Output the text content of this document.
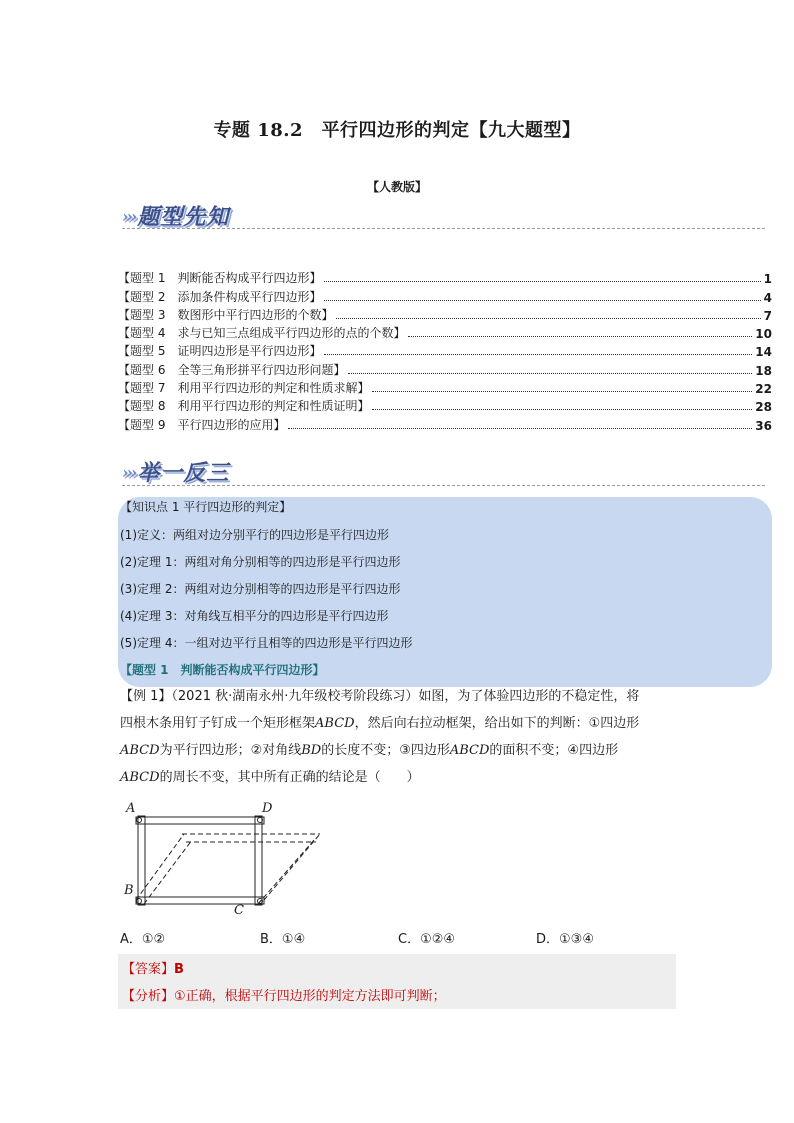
专题 18.2　平行四边形的判定【九大题型】
【人教版】
›››题型先知
【题型 1　判断能否构成平行四边形】	1
【题型 2　添加条件构成平行四边形】	4
【题型 3　数图形中平行四边形的个数】	7
【题型 4　求与已知三点组成平行四边形的点的个数】	10
【题型 5　证明四边形是平行四边形】	14
【题型 6　全等三角形拼平行四边形问题】	18
【题型 7　利用平行四边形的判定和性质求解】	22
【题型 8　利用平行四边形的判定和性质证明】	28
【题型 9　平行四边形的应用】	36
›››举一反三
【知识点 1 平行四边形的判定】
(1)定义：两组对边分别平行的四边形是平行四边形
(2)定理 1：两组对角分别相等的四边形是平行四边形
(3)定理 2：两组对边分别相等的四边形是平行四边形
(4)定理 3：对角线互相平分的四边形是平行四边形
(5)定理 4：一组对边平行且相等的四边形是平行四边形
【题型 1　判断能否构成平行四边形】
【例 1】（2021 秋·湖南永州·九年级校考阶段练习）如图，为了体验四边形的不稳定性，将
四根木条用钉子钉成一个矩形框架ABCD，然后向右拉动框架，给出如下的判断：①四边形
ABCD为平行四边形；②对角线BD的长度不变；③四边形ABCD的面积不变；④四边形
ABCD的周长不变，其中所有正确的结论是（　　）
A	D
B
C
A．①②	B．①④	C．①②④	D．①③④
【答案】B
【分析】①正确，根据平行四边形的判定方法即可判断；
